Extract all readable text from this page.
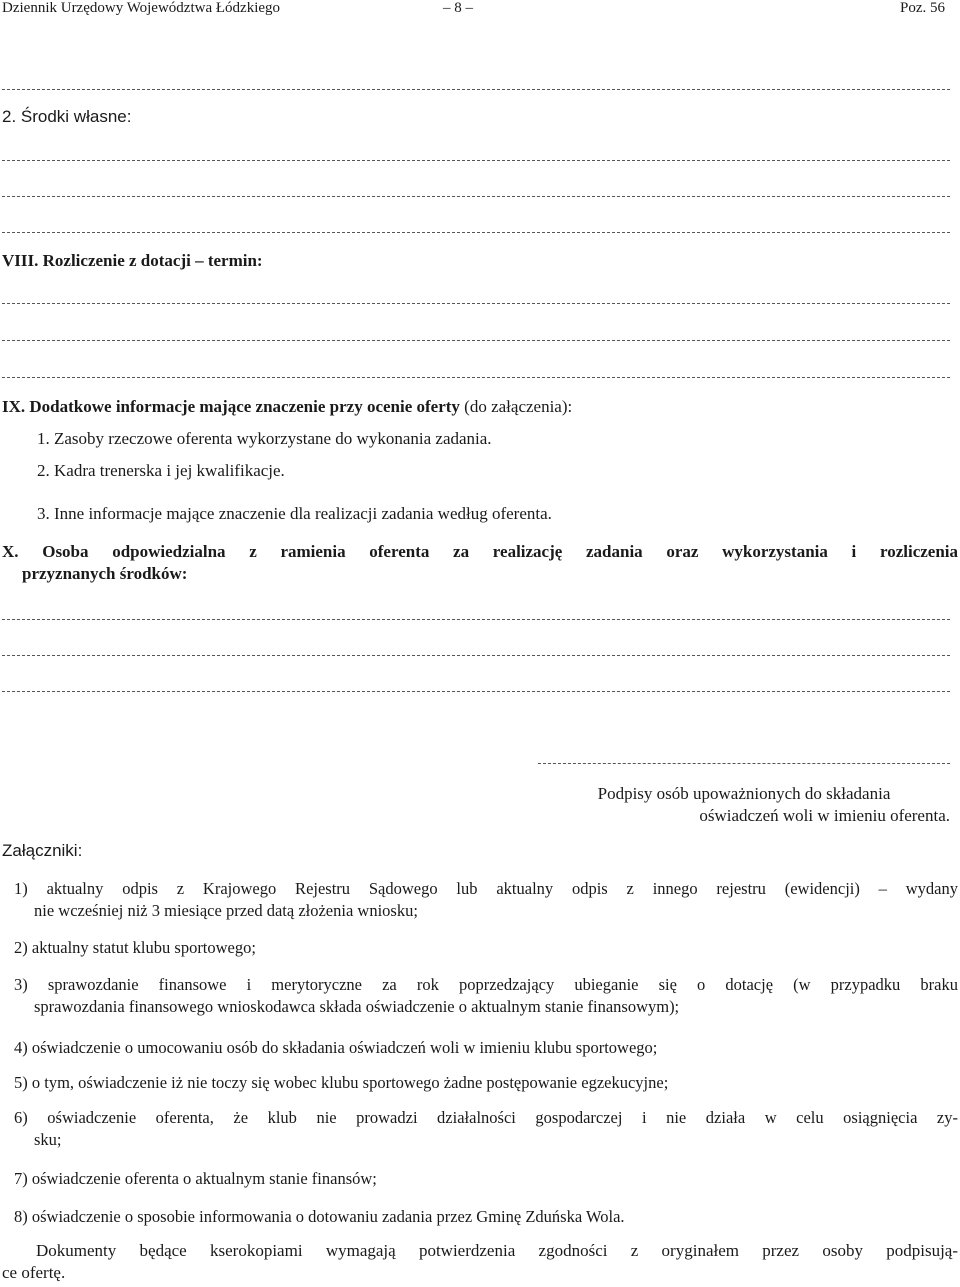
Dziennik Urzędowy Województwa Łódzkiego	– 8 –	Poz. 56
2. Środki własne:
VIII. Rozliczenie z dotacji – termin:
IX. Dodatkowe informacje mające znaczenie przy ocenie oferty (do załączenia):
1. Zasoby rzeczowe oferenta wykorzystane do wykonania zadania.
2. Kadra trenerska i jej kwalifikacje.
3. Inne informacje mające znaczenie dla realizacji zadania według oferenta.
X. Osoba odpowiedzialna z ramienia oferenta za realizację zadania oraz wykorzystania i rozliczenia
przyznanych środków:
Podpisy osób upoważnionych do składania
oświadczeń woli w imieniu oferenta.
Załączniki:
1) aktualny odpis z Krajowego Rejestru Sądowego lub aktualny odpis z innego rejestru (ewidencji) – wydany
nie wcześniej niż 3 miesiące przed datą złożenia wniosku;
2) aktualny statut klubu sportowego;
3) sprawozdanie finansowe i merytoryczne za rok poprzedzający ubieganie się o dotację (w przypadku braku
sprawozdania finansowego wnioskodawca składa oświadczenie o aktualnym stanie finansowym);
4) oświadczenie o umocowaniu osób do składania oświadczeń woli w imieniu klubu sportowego;
5) o tym, oświadczenie iż nie toczy się wobec klubu sportowego żadne postępowanie egzekucyjne;
6) oświadczenie oferenta, że klub nie prowadzi działalności gospodarczej i nie działa w celu osiągnięcia zy-
sku;
7) oświadczenie oferenta o aktualnym stanie finansów;
8) oświadczenie o sposobie informowania o dotowaniu zadania przez Gminę Zduńska Wola.
Dokumenty będące kserokopiami wymagają potwierdzenia zgodności z oryginałem przez osoby podpisują-
ce ofertę.
